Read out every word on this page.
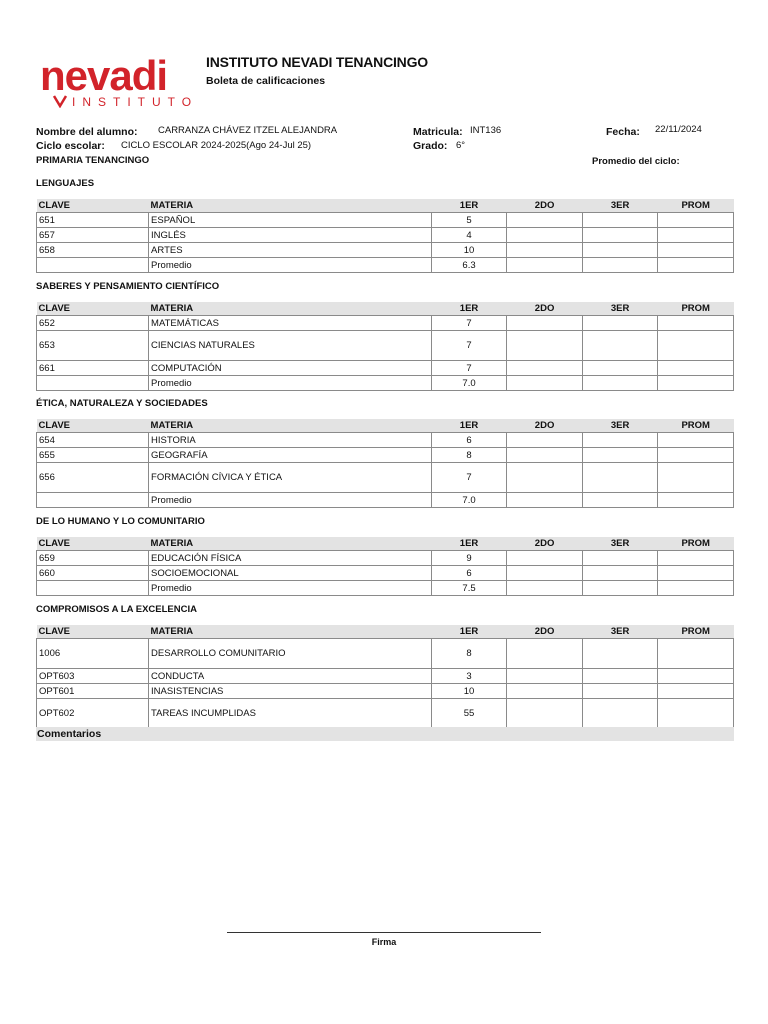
nevadi
INSTITUTO
INSTITUTO NEVADI TENANCINGO
Boleta de calificaciones
Nombre del alumno: CARRANZA CHÁVEZ ITZEL ALEJANDRA
Ciclo escolar: CICLO ESCOLAR 2024-2025(Ago 24-Jul 25)
PRIMARIA TENANCINGO
Matricula: INT136
Grado: 6°
Fecha: 22/11/2024
Promedio del ciclo:
LENGUAJES
CLAVE	MATERIA	1ER	2DO	3ER	PROM
651	ESPAÑOL	5			
657	INGLÉS	4			
658	ARTES	10			
	Promedio	6.3			
SABERES Y PENSAMIENTO CIENTÍFICO
CLAVE	MATERIA	1ER	2DO	3ER	PROM
652	MATEMÁTICAS	7			
653	CIENCIAS NATURALES	7			
661	COMPUTACIÓN	7			
	Promedio	7.0			
ÉTICA, NATURALEZA Y SOCIEDADES
CLAVE	MATERIA	1ER	2DO	3ER	PROM
654	HISTORIA	6			
655	GEOGRAFÍA	8			
656	FORMACIÓN CÍVICA Y ÉTICA	7			
	Promedio	7.0			
DE LO HUMANO Y LO COMUNITARIO
CLAVE	MATERIA	1ER	2DO	3ER	PROM
659	EDUCACIÓN FÍSICA	9			
660	SOCIOEMOCIONAL	6			
	Promedio	7.5			
COMPROMISOS A LA EXCELENCIA
CLAVE	MATERIA	1ER	2DO	3ER	PROM
1006	DESARROLLO COMUNITARIO	8			
OPT603	CONDUCTA	3			
OPT601	INASISTENCIAS	10			
OPT602	TAREAS INCUMPLIDAS	55			
Comentarios
Firma
